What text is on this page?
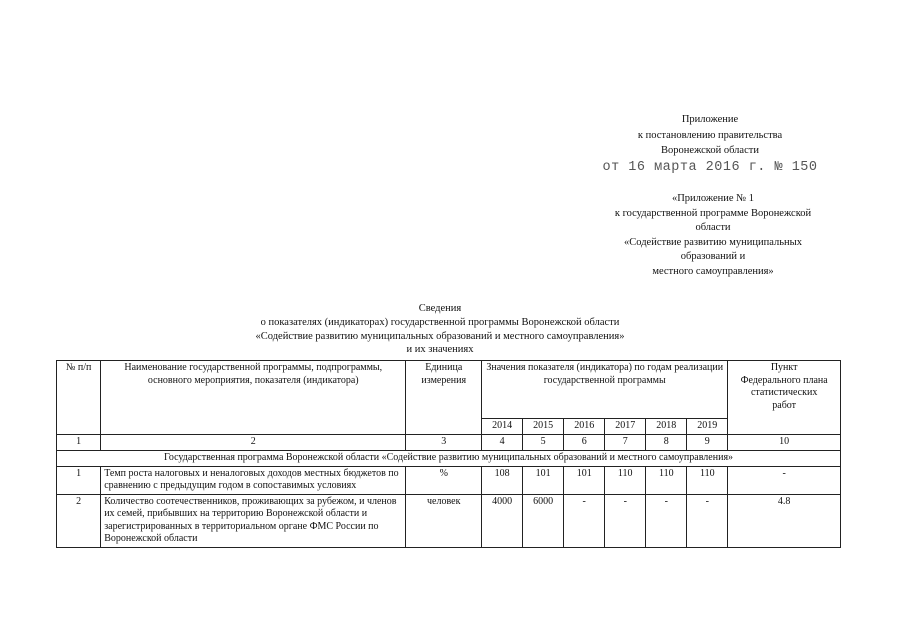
Приложение
к постановлению правительства
Воронежской области
от 16 марта 2016 г. № 150
«Приложение № 1
к государственной программе Воронежской
области
«Содействие развитию муниципальных
образований и
местного самоуправления»
Сведения
о показателях (индикаторах) государственной программы Воронежской области
«Содействие развитию муниципальных образований и местного самоуправления»
и их значениях
№ п/п	Наименование государственной программы, подпрограммы, основного мероприятия, показателя (индикатора)	Единица измерения	Значения показателя (индикатора) по годам реализации государственной программы						Пункт Федерального плана статистических работ
			2014	2015	2016	2017	2018	2019	
1	2	3	4	5	6	7	8	9	10
Государственная программа Воронежской области «Содействие развитию муниципальных образований и местного самоуправления»									
1	Темп роста налоговых и неналоговых доходов местных бюджетов по сравнению с предыдущим годом в сопоставимых условиях	%	108	101	101	110	110	110	-
2	Количество соотечественников, проживающих за рубежом, и членов их семей, прибывших на территорию Воронежской области и зарегистрированных в территориальном органе ФМС России по Воронежской области	человек	4000	6000	-	-	-	-	4.8
